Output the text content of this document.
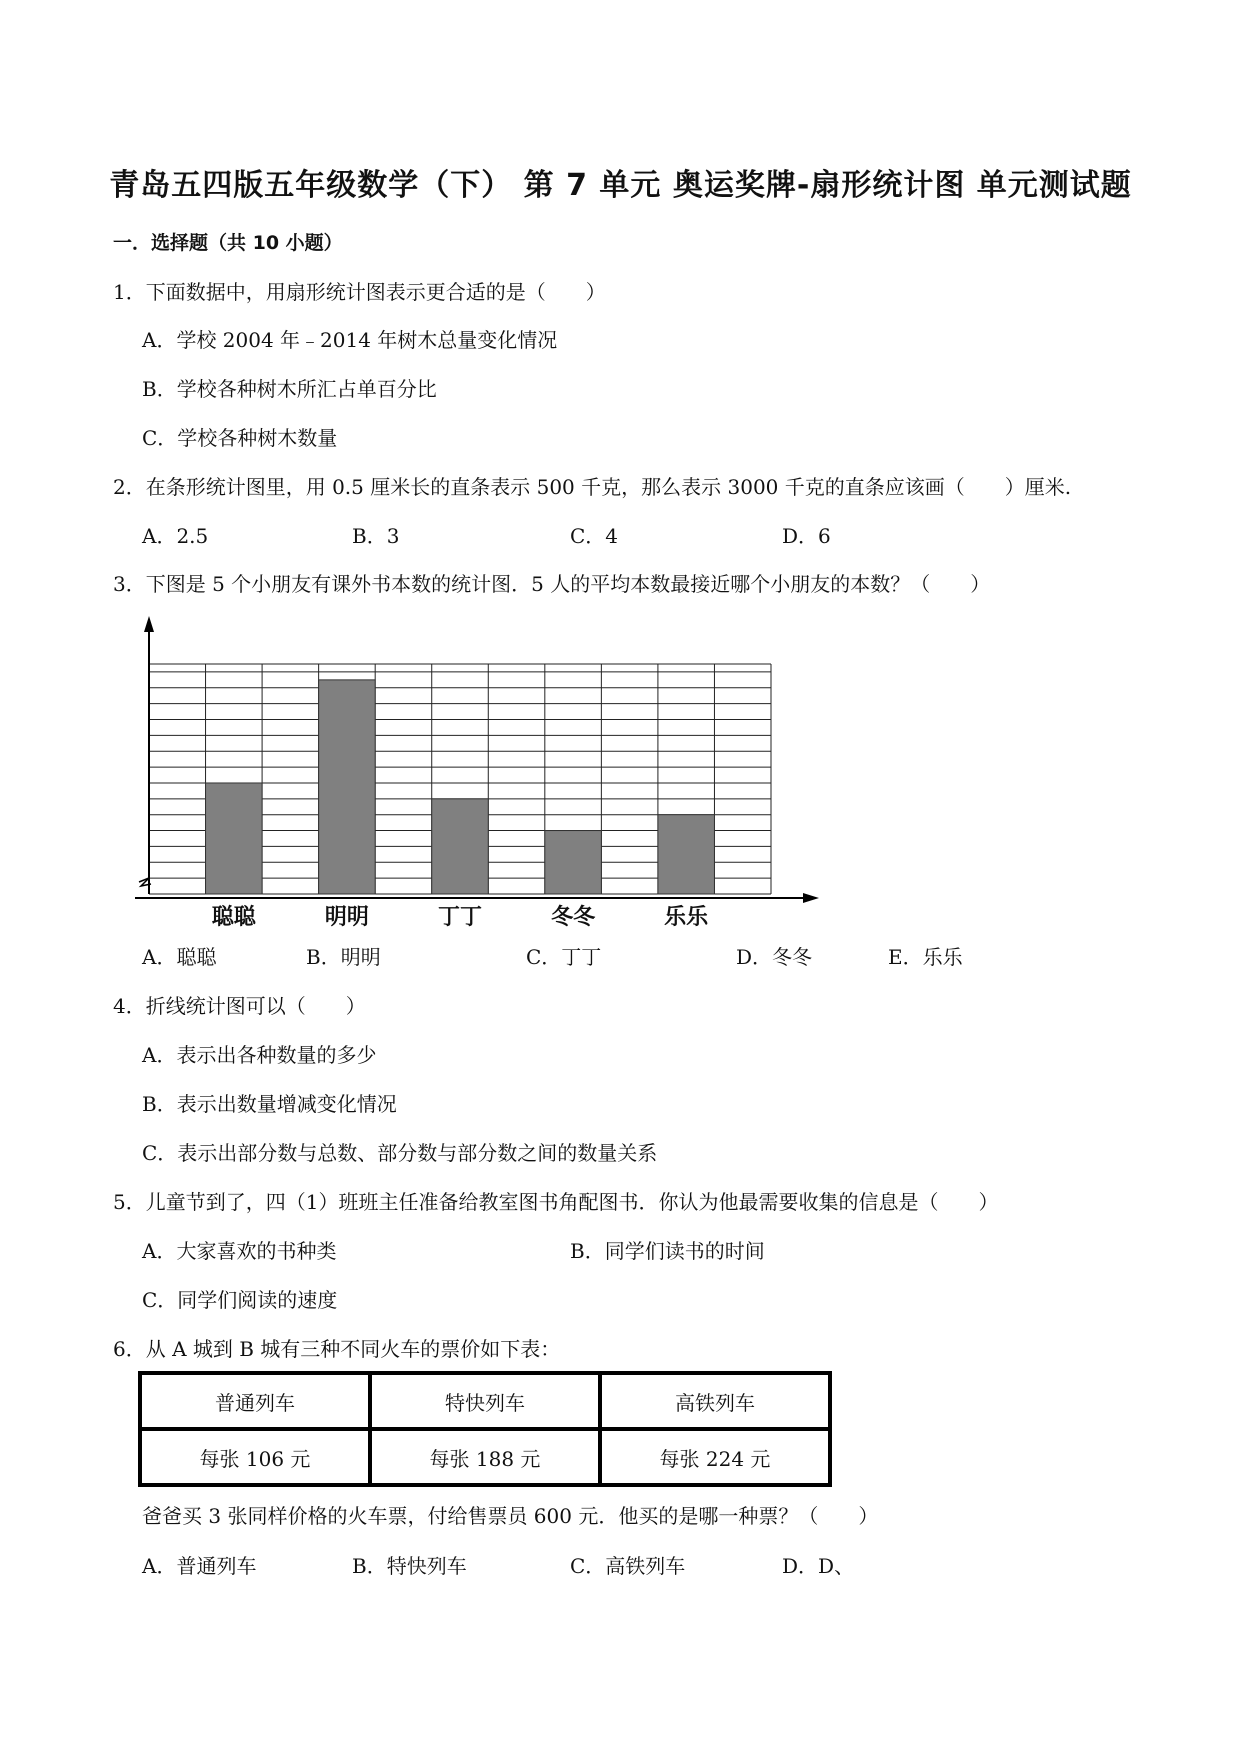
青岛五四版五年级数学（下） 第 7 单元 奥运奖牌-扇形统计图 单元测试题
一．选择题（共 10 小题）
1．下面数据中，用扇形统计图表示更合适的是（　　）
A．学校 2004 年﹣2014 年树木总量变化情况
B．学校各种树木所汇占单百分比
C．学校各种树木数量
2．在条形统计图里，用 0.5 厘米长的直条表示 500 千克，那么表示 3000 千克的直条应该画（　　）厘米.
A．2.5	B．3	C．4	D．6
3．下图是 5 个小朋友有课外书本数的统计图．5 人的平均本数最接近哪个小朋友的本数？（　　）
聪聪	明明	丁丁	冬冬	乐乐
A．聪聪	B．明明	C．丁丁	D．冬冬	E．乐乐
4．折线统计图可以（　　）
A．表示出各种数量的多少
B．表示出数量增减变化情况
C．表示出部分数与总数、部分数与部分数之间的数量关系
5．儿童节到了，四（1）班班主任准备给教室图书角配图书．你认为他最需要收集的信息是（　　）
A．大家喜欢的书种类	B．同学们读书的时间
C．同学们阅读的速度
6．从 A 城到 B 城有三种不同火车的票价如下表：
普通列车	特快列车	高铁列车
每张 106 元	每张 188 元	每张 224 元
爸爸买 3 张同样价格的火车票，付给售票员 600 元．他买的是哪一种票？（　　）
A．普通列车	B．特快列车	C．高铁列车	D．D、
